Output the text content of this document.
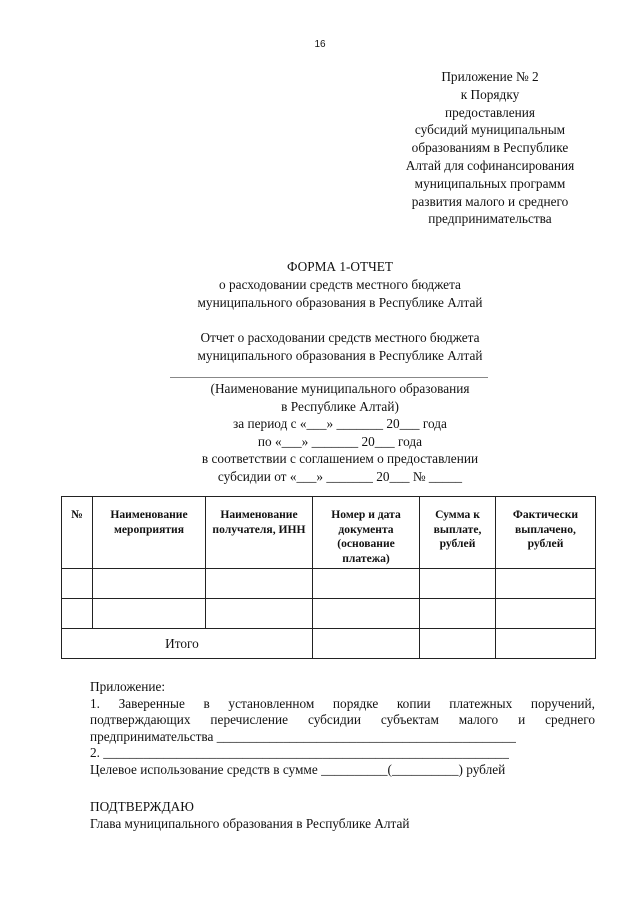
16
Приложение № 2
к Порядку
предоставления
субсидий муниципальным
образованиям в Республике
Алтай для софинансирования
муниципальных программ
развития малого и среднего
предпринимательства
ФОРМА 1-ОТЧЕТ
о расходовании средств местного бюджета
муниципального образования в Республике Алтай
Отчет о расходовании средств местного бюджета
муниципального образования в Республике Алтай
(Наименование муниципального образования
в Республике Алтай)
за период с «___» _______ 20___ года
по «___» _______ 20___ года
в соответствии с соглашением о предоставлении
субсидии от «___» _______ 20___ № _____
№	Наименование мероприятия	Наименование получателя, ИНН	Номер и дата документа (основание платежа)	Сумма к выплате, рублей	Фактически выплачено, рублей

Итого					
Приложение:
1. Заверенные в установленном порядке копии платежных поручений,
подтверждающих перечисление субсидии субъектам малого и среднего
предпринимательства _____________________________________________
2. _____________________________________________________________
Целевое использование средств в сумме __________(__________) рублей
ПОДТВЕРЖДАЮ
Глава муниципального образования в Республике Алтай
